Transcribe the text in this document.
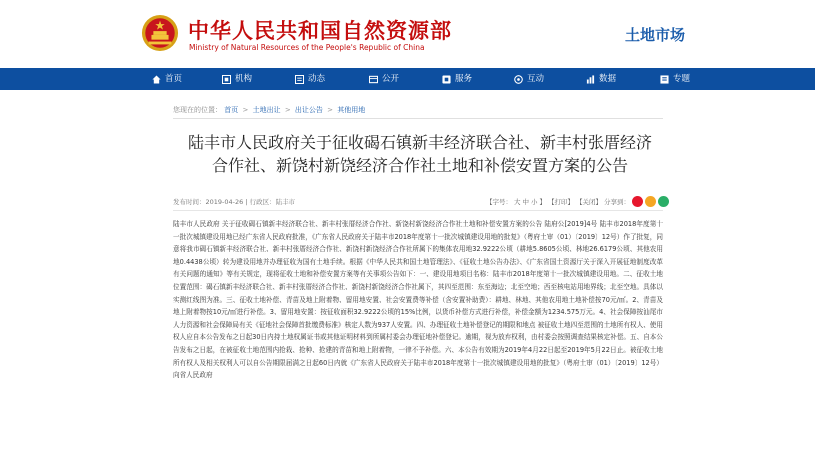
中华人民共和国自然资源部
Ministry of Natural Resources of the People's Republic of China
土地市场
首页	机构	动态	公开	服务	互动	数据	专题
您现在的位置： 首页 > 土地出让 > 出让公告 > 其他用地
陆丰市人民政府关于征收碣石镇新丰经济联合社、新丰村张厝经济合作社、新饶村新饶经济合作社土地和补偿安置方案的公告
发布时间：2019-04-26 | 行政区：陆丰市	【字号： 大 中 小 】 【打印】 【关闭】 分享到：
陆丰市人民政府 关于征收碣石镇新丰经济联合社、新丰村张厝经济合作社、新饶村新饶经济合作社土地和补偿安置方案的公告 陆府公[2019]4号 陆丰市2018年度第十一批次城镇建设用地已经广东省人民政府批准，《广东省人民政府关于陆丰市2018年度第十一批次城镇建设用地的批复》（粤府土审（01）〔2019〕12号）作了批复，同意将我市碣石镇新丰经济联合社、新丰村张厝经济合作社、新饶村新饶经济合作社所属下的集体农用地32.9222公顷（耕地5.8605公顷、林地26.6179公顷、其他农用地0.4438公顷）转为建设用地并办理征收为国有土地手续。根据《中华人民共和国土地管理法》、《征收土地公告办法》、《广东省国土资源厅关于深入开展征地制度改革有关问题的通知》等有关规定，现将征收土地和补偿安置方案等有关事项公告如下：一、建设用地项目名称：陆丰市2018年度第十一批次城镇建设用地。二、征收土地位置范围：碣石镇新丰经济联合社、新丰村张厝经济合作社、新饶村新饶经济合作社属下，其四至范围：东至海边；北至空地；西至核电站用地界线；北至空地。具体以实测红线图为准。三、征收土地补偿、青苗及地上附着物、留用地安置、社会安置费等补偿（含安置补助费）：耕地、林地、其他农用地土地补偿按70元/㎡。2、青苗及地上附着物按10元/㎡进行补偿。3、留用地安置：按征收面积32.9222公顷的15%比例，以货币补偿方式进行补偿，补偿金额为1234.575万元。4、社会保障按汕尾市人力资源和社会保障局有关《征地社会保障首批缴费标准》核定人数为937人安置。四、办理征收土地补偿登记的期限和地点 被征收土地四至范围的土地所有权人、使用权人应自本公告发布之日起30日内持土地权属证书或其他证明材料到所属村委会办理征地补偿登记。逾期，视为放弃权利，由村委会按照调查结果核定补偿。五、自本公告发布之日起，在被征收土地范围内抢栽、抢种、抢建的青苗和地上附着物，一律不予补偿。六、本公告有效期为2019年4月22日起至2019年5月22日止。被征收土地所有权人及相关权利人可以自公告期限届满之日起60日内就《广东省人民政府关于陆丰市2018年度第十一批次城镇建设用地的批复》（粤府土审（01）〔2019〕12号）向省人民政府
